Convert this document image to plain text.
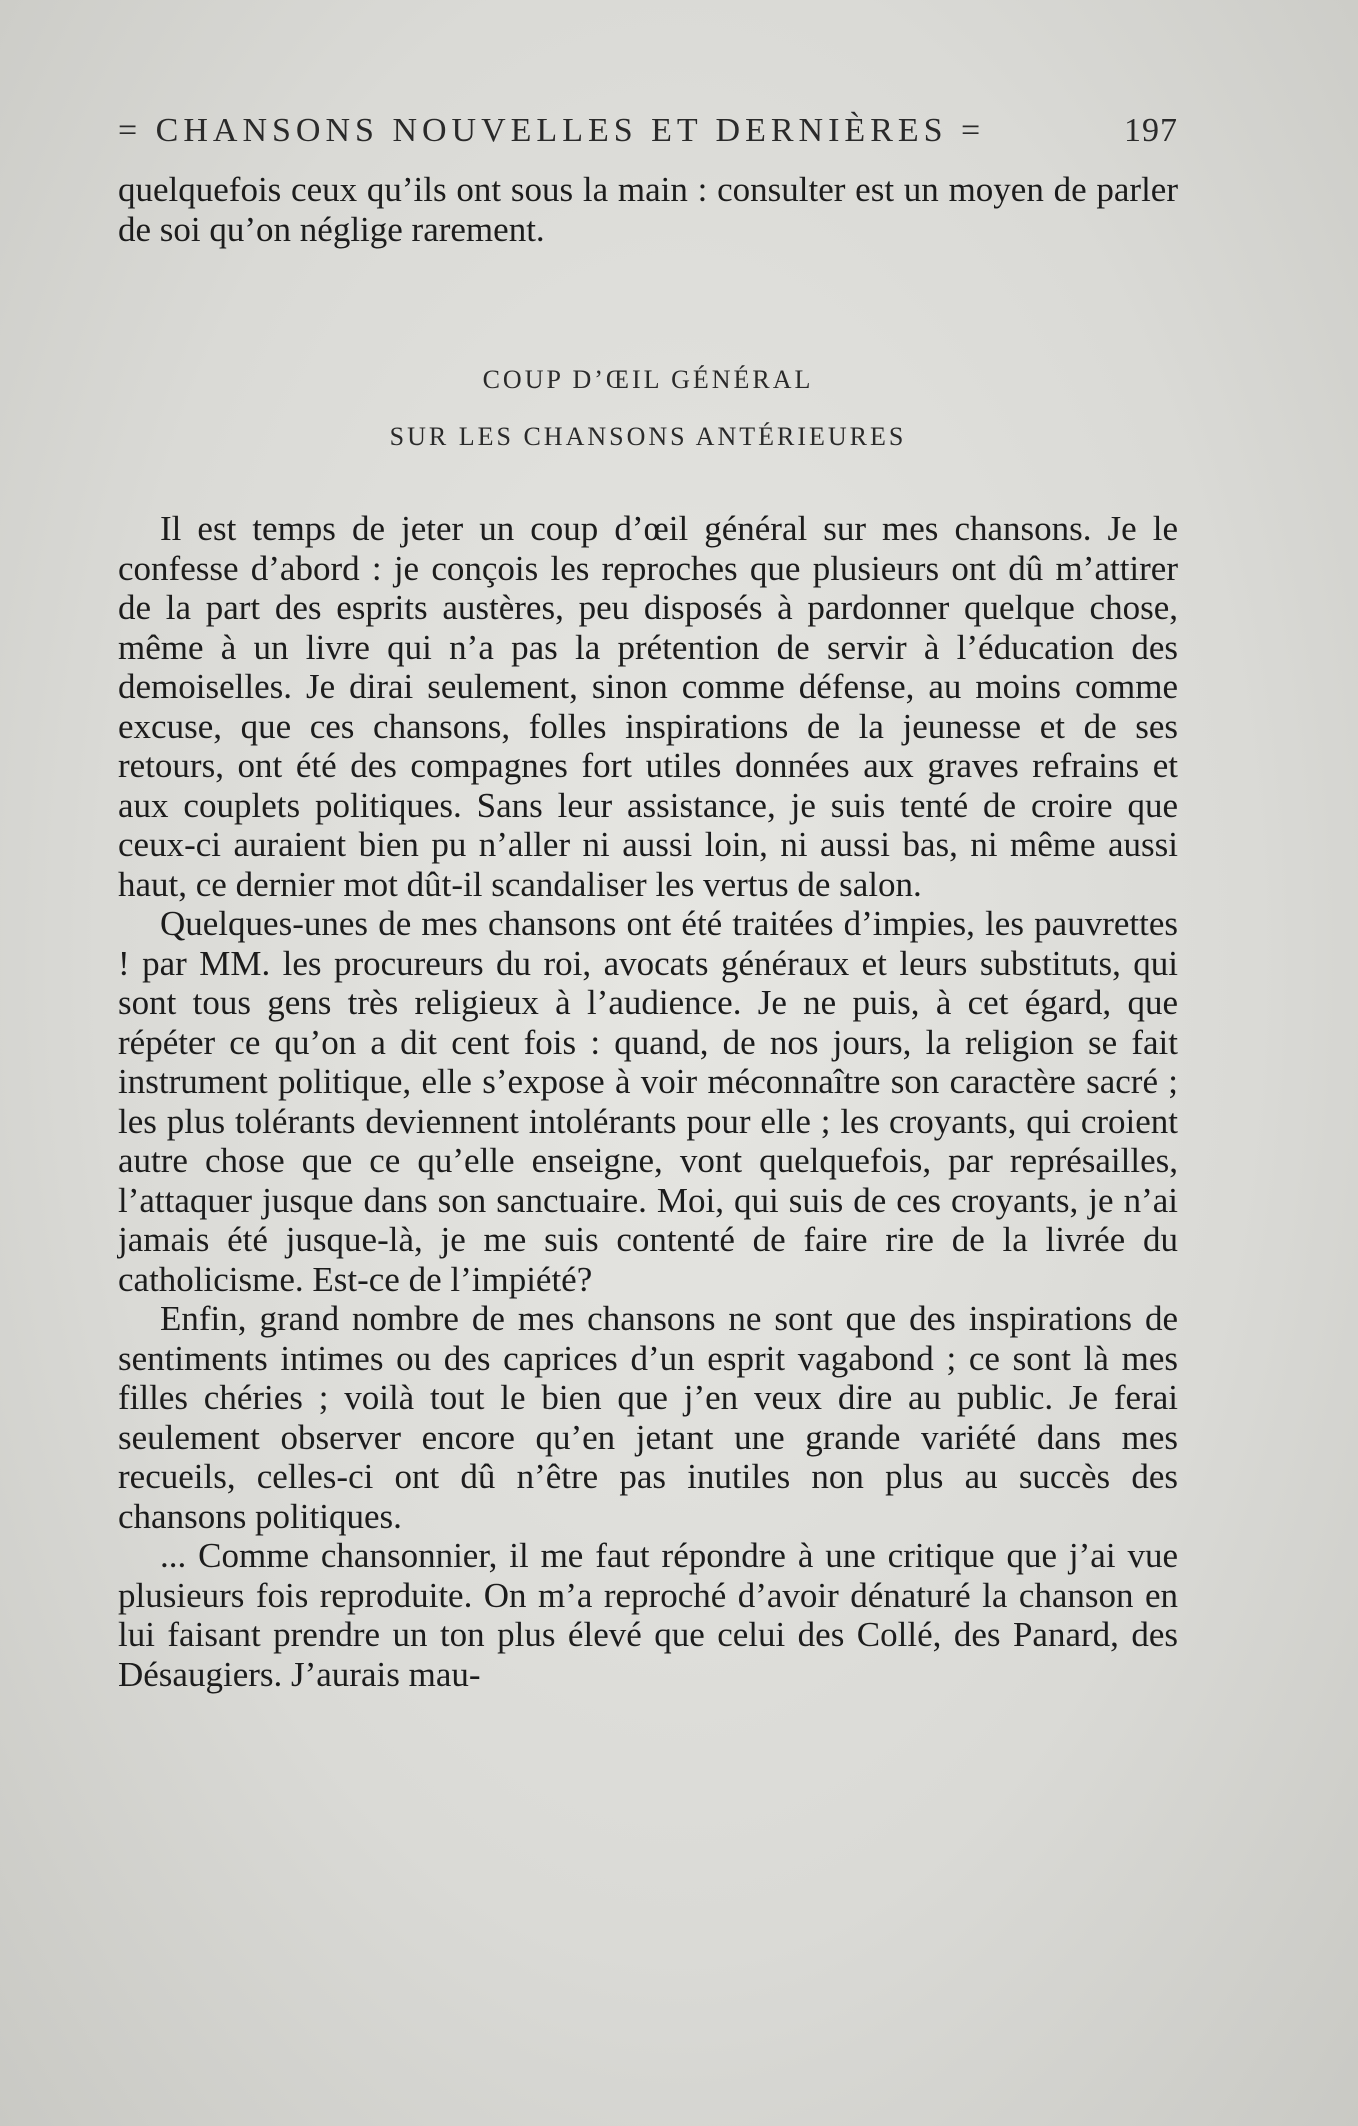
= CHANSONS NOUVELLES ET DERNIÈRES =	197

quelquefois ceux qu’ils ont sous la main : consulter est un moyen de parler de soi qu’on néglige rarement.

COUP D’ŒIL GÉNÉRAL
SUR LES CHANSONS ANTÉRIEURES

Il est temps de jeter un coup d’œil général sur mes chansons. Je le confesse d’abord : je conçois les reproches que plusieurs ont dû m’attirer de la part des esprits austères, peu disposés à pardonner quelque chose, même à un livre qui n’a pas la prétention de servir à l’éducation des demoiselles. Je dirai seulement, sinon comme défense, au moins comme excuse, que ces chansons, folles inspirations de la jeunesse et de ses retours, ont été des compagnes fort utiles données aux graves refrains et aux couplets politiques. Sans leur assistance, je suis tenté de croire que ceux-ci auraient bien pu n’aller ni aussi loin, ni aussi bas, ni même aussi haut, ce dernier mot dût-il scandaliser les vertus de salon.

Quelques-unes de mes chansons ont été traitées d’impies, les pauvrettes ! par MM. les procureurs du roi, avocats généraux et leurs substituts, qui sont tous gens très religieux à l’audience. Je ne puis, à cet égard, que répéter ce qu’on a dit cent fois : quand, de nos jours, la religion se fait instrument politique, elle s’expose à voir méconnaître son caractère sacré ; les plus tolérants deviennent intolérants pour elle ; les croyants, qui croient autre chose que ce qu’elle enseigne, vont quelquefois, par représailles, l’attaquer jusque dans son sanctuaire. Moi, qui suis de ces croyants, je n’ai jamais été jusque-là, je me suis contenté de faire rire de la livrée du catholicisme. Est-ce de l’impiété?

Enfin, grand nombre de mes chansons ne sont que des inspirations de sentiments intimes ou des caprices d’un esprit vagabond ; ce sont là mes filles chéries ; voilà tout le bien que j’en veux dire au public. Je ferai seulement observer encore qu’en jetant une grande variété dans mes recueils, celles-ci ont dû n’être pas inutiles non plus au succès des chansons politiques.

... Comme chansonnier, il me faut répondre à une critique que j’ai vue plusieurs fois reproduite. On m’a reproché d’avoir dénaturé la chanson en lui faisant prendre un ton plus élevé que celui des Collé, des Panard, des Désaugiers. J’aurais mau-
